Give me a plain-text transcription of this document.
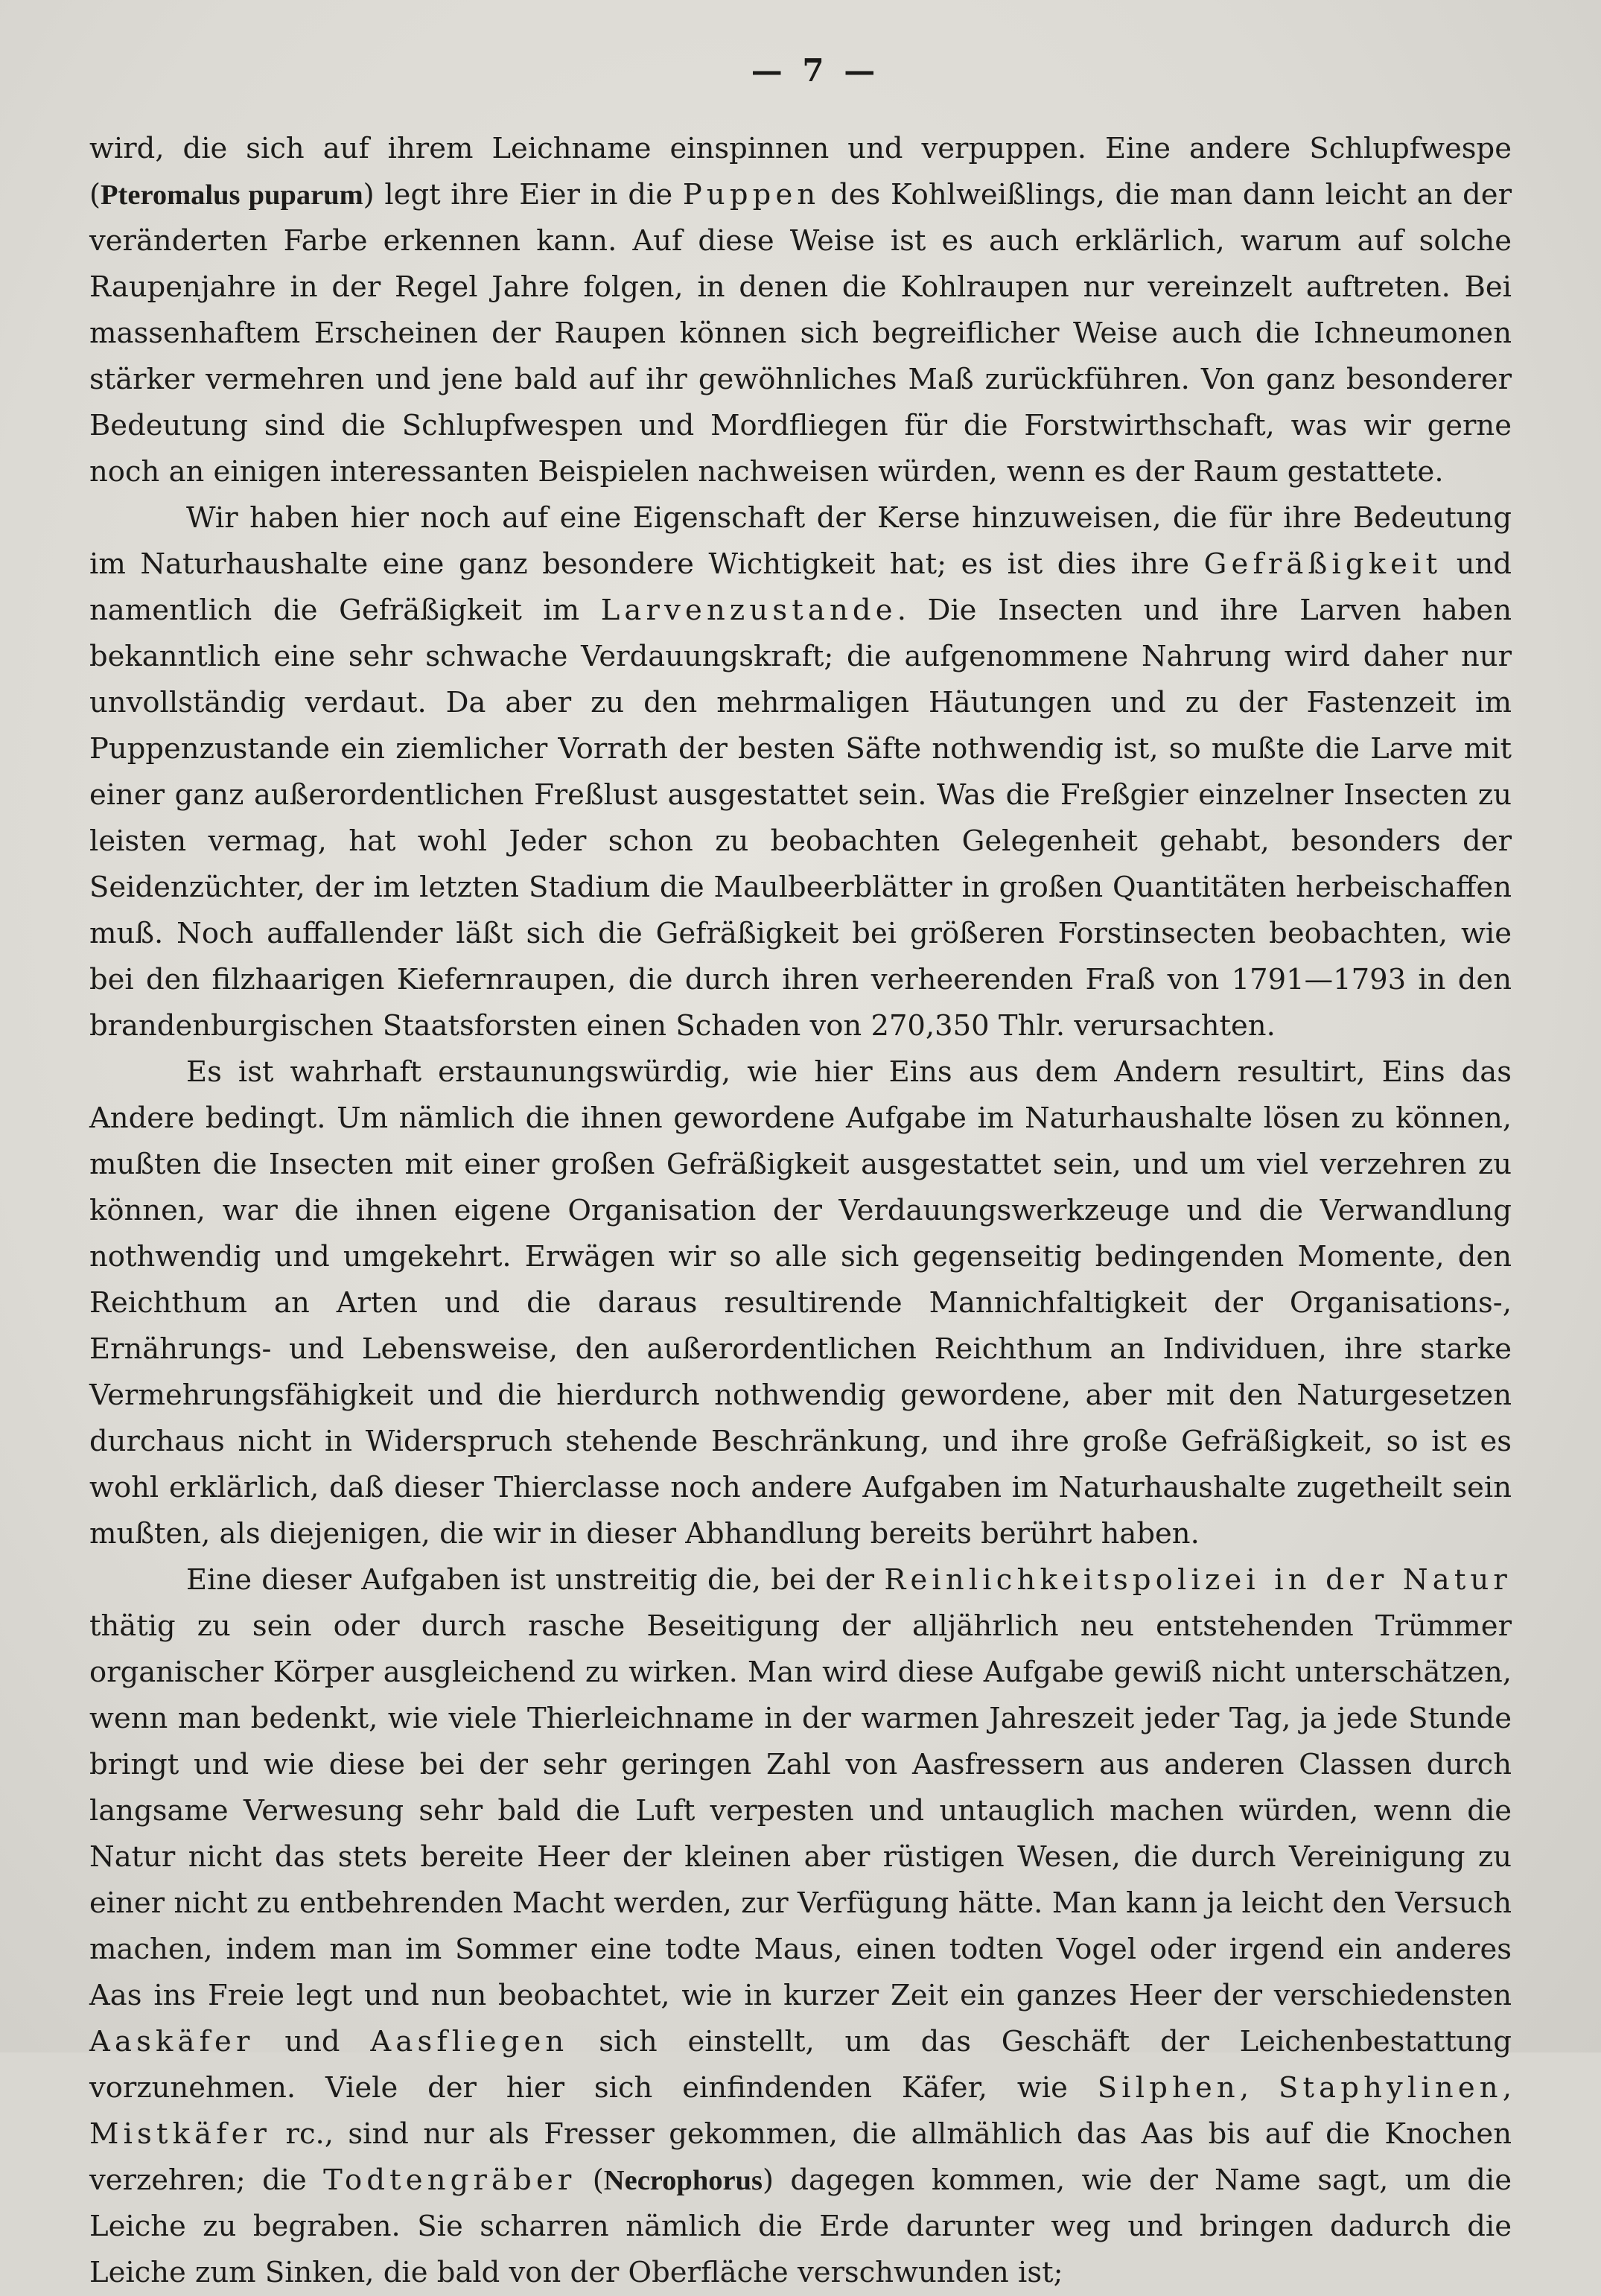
— 7 —

wird, die sich auf ihrem Leichname einspinnen und verpuppen. Eine andere Schlupfwespe (Pteromalus puparum) legt ihre Eier in die Puppen des Kohlweißlings, die man dann leicht an der veränderten Farbe erkennen kann. Auf diese Weise ist es auch erklärlich, warum auf solche Raupenjahre in der Regel Jahre folgen, in denen die Kohlraupen nur vereinzelt auftreten. Bei massenhaftem Erscheinen der Raupen können sich begreiflicher Weise auch die Ichneumonen stärker vermehren und jene bald auf ihr gewöhnliches Maß zurückführen. Von ganz besonderer Bedeutung sind die Schlupfwespen und Mordfliegen für die Forstwirthschaft, was wir gerne noch an einigen interessanten Beispielen nachweisen würden, wenn es der Raum gestattete.

Wir haben hier noch auf eine Eigenschaft der Kerse hinzuweisen, die für ihre Bedeutung im Naturhaushalte eine ganz besondere Wichtigkeit hat; es ist dies ihre Gefräßigkeit und namentlich die Gefräßigkeit im Larvenzustande. Die Insecten und ihre Larven haben bekanntlich eine sehr schwache Verdauungskraft; die aufgenommene Nahrung wird daher nur unvollständig verdaut. Da aber zu den mehrmaligen Häutungen und zu der Fastenzeit im Puppenzustande ein ziemlicher Vorrath der besten Säfte nothwendig ist, so mußte die Larve mit einer ganz außerordentlichen Freßlust ausgestattet sein. Was die Freßgier einzelner Insecten zu leisten vermag, hat wohl Jeder schon zu beobachten Gelegenheit gehabt, besonders der Seidenzüchter, der im letzten Stadium die Maulbeerblätter in großen Quantitäten herbeischaffen muß. Noch auffallender läßt sich die Gefräßigkeit bei größeren Forstinsecten beobachten, wie bei den filzhaarigen Kiefernraupen, die durch ihren verheerenden Fraß von 1791—1793 in den brandenburgischen Staatsforsten einen Schaden von 270,350 Thlr. verursachten.

Es ist wahrhaft erstaunungswürdig, wie hier Eins aus dem Andern resultirt, Eins das Andere bedingt. Um nämlich die ihnen gewordene Aufgabe im Naturhaushalte lösen zu können, mußten die Insecten mit einer großen Gefräßigkeit ausgestattet sein, und um viel verzehren zu können, war die ihnen eigene Organisation der Verdauungswerkzeuge und die Verwandlung nothwendig und umgekehrt. Erwägen wir so alle sich gegenseitig bedingenden Momente, den Reichthum an Arten und die daraus resultirende Mannichfaltigkeit der Organisations-, Ernährungs- und Lebensweise, den außerordentlichen Reichthum an Individuen, ihre starke Vermehrungsfähigkeit und die hierdurch nothwendig gewordene, aber mit den Naturgesetzen durchaus nicht in Widerspruch stehende Beschränkung, und ihre große Gefräßigkeit, so ist es wohl erklärlich, daß dieser Thierclasse noch andere Aufgaben im Naturhaushalte zugetheilt sein mußten, als diejenigen, die wir in dieser Abhandlung bereits berührt haben.

Eine dieser Aufgaben ist unstreitig die, bei der Reinlichkeitspolizei in der Natur thätig zu sein oder durch rasche Beseitigung der alljährlich neu entstehenden Trümmer organischer Körper ausgleichend zu wirken. Man wird diese Aufgabe gewiß nicht unterschätzen, wenn man bedenkt, wie viele Thierleichname in der warmen Jahreszeit jeder Tag, ja jede Stunde bringt und wie diese bei der sehr geringen Zahl von Aasfressern aus anderen Classen durch langsame Verwesung sehr bald die Luft verpesten und untauglich machen würden, wenn die Natur nicht das stets bereite Heer der kleinen aber rüstigen Wesen, die durch Vereinigung zu einer nicht zu entbehrenden Macht werden, zur Verfügung hätte. Man kann ja leicht den Versuch machen, indem man im Sommer eine todte Maus, einen todten Vogel oder irgend ein anderes Aas ins Freie legt und nun beobachtet, wie in kurzer Zeit ein ganzes Heer der verschiedensten Aaskäfer und Aasfliegen sich einstellt, um das Geschäft der Leichenbestattung vorzunehmen. Viele der hier sich einfindenden Käfer, wie Silphen, Staphylinen, Mistkäfer rc., sind nur als Fresser gekommen, die allmählich das Aas bis auf die Knochen verzehren; die Todtengräber (Necrophorus) dagegen kommen, wie der Name sagt, um die Leiche zu begraben. Sie scharren nämlich die Erde darunter weg und bringen dadurch die Leiche zum Sinken, die bald von der Oberfläche verschwunden ist;
